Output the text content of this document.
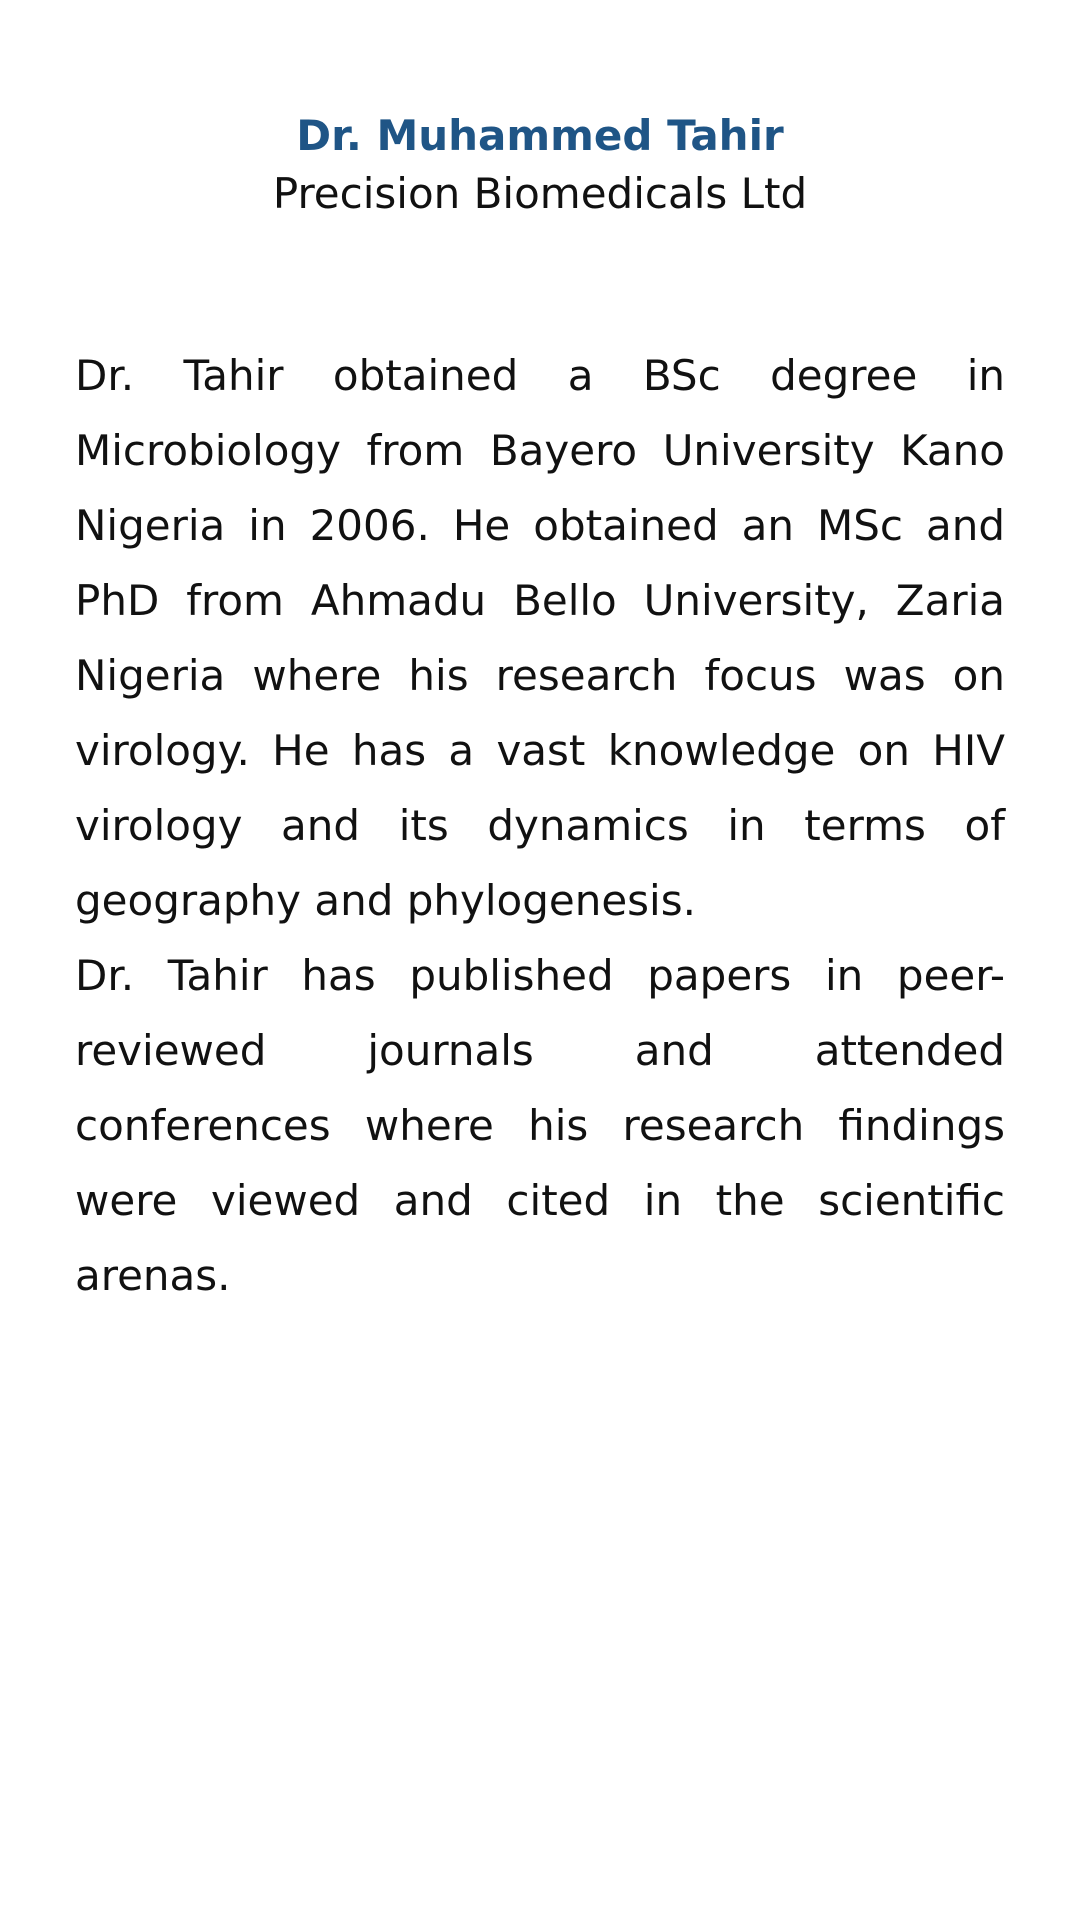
Dr. Muhammed Tahir

Precision Biomedicals Ltd

Dr. Tahir obtained a BSc degree in Microbiology from Bayero University Kano Nigeria in 2006. He obtained an MSc and PhD from Ahmadu Bello University, Zaria Nigeria where his research focus was on virology. He has a vast knowledge on HIV virology and its dynamics in terms of geography and phylogenesis.

Dr. Tahir has published papers in peer-reviewed journals and attended conferences where his research findings were viewed and cited in the scientific arenas.
